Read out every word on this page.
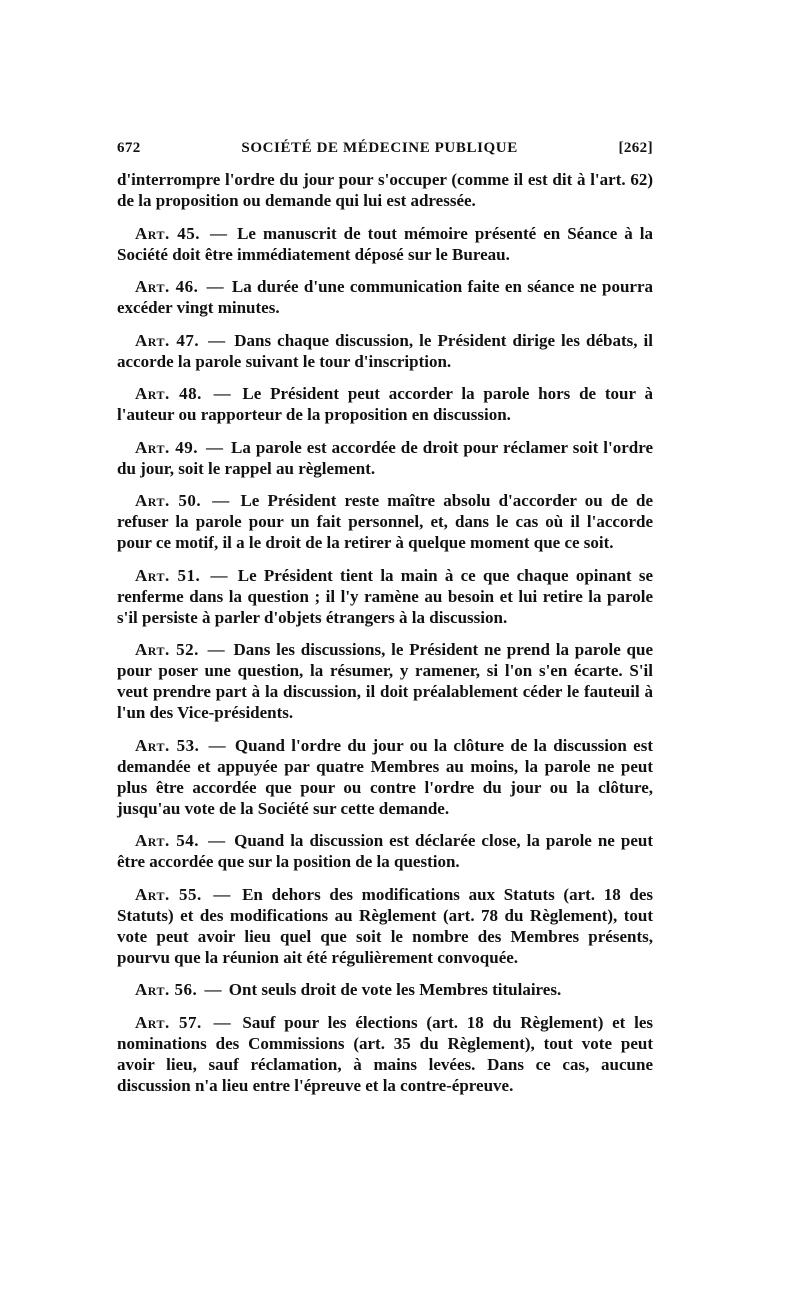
672	SOCIÉTÉ DE MÉDECINE PUBLIQUE	[262]

d'interrompre l'ordre du jour pour s'occuper (comme il est dit à l'art. 62) de la proposition ou demande qui lui est adressée.

Art. 45. — Le manuscrit de tout mémoire présenté en Séance à la Société doit être immédiatement déposé sur le Bureau.

Art. 46. — La durée d'une communication faite en séance ne pourra excéder vingt minutes.

Art. 47. — Dans chaque discussion, le Président dirige les débats, il accorde la parole suivant le tour d'inscription.

Art. 48. — Le Président peut accorder la parole hors de tour à l'auteur ou rapporteur de la proposition en discussion.

Art. 49. — La parole est accordée de droit pour réclamer soit l'ordre du jour, soit le rappel au règlement.

Art. 50. — Le Président reste maître absolu d'accorder ou de de refuser la parole pour un fait personnel, et, dans le cas où il l'accorde pour ce motif, il a le droit de la retirer à quelque moment que ce soit.

Art. 51. — Le Président tient la main à ce que chaque opinant se renferme dans la question ; il l'y ramène au besoin et lui retire la parole s'il persiste à parler d'objets étrangers à la discussion.

Art. 52. — Dans les discussions, le Président ne prend la parole que pour poser une question, la résumer, y ramener, si l'on s'en écarte. S'il veut prendre part à la discussion, il doit préalablement céder le fauteuil à l'un des Vice-présidents.

Art. 53. — Quand l'ordre du jour ou la clôture de la discussion est demandée et appuyée par quatre Membres au moins, la parole ne peut plus être accordée que pour ou contre l'ordre du jour ou la clôture, jusqu'au vote de la Société sur cette demande.

Art. 54. — Quand la discussion est déclarée close, la parole ne peut être accordée que sur la position de la question.

Art. 55. — En dehors des modifications aux Statuts (art. 18 des Statuts) et des modifications au Règlement (art. 78 du Règlement), tout vote peut avoir lieu quel que soit le nombre des Membres présents, pourvu que la réunion ait été régulièrement convoquée.

Art. 56. — Ont seuls droit de vote les Membres titulaires.

Art. 57. — Sauf pour les élections (art. 18 du Règlement) et les nominations des Commissions (art. 35 du Règlement), tout vote peut avoir lieu, sauf réclamation, à mains levées. Dans ce cas, aucune discussion n'a lieu entre l'épreuve et la contre-épreuve.
